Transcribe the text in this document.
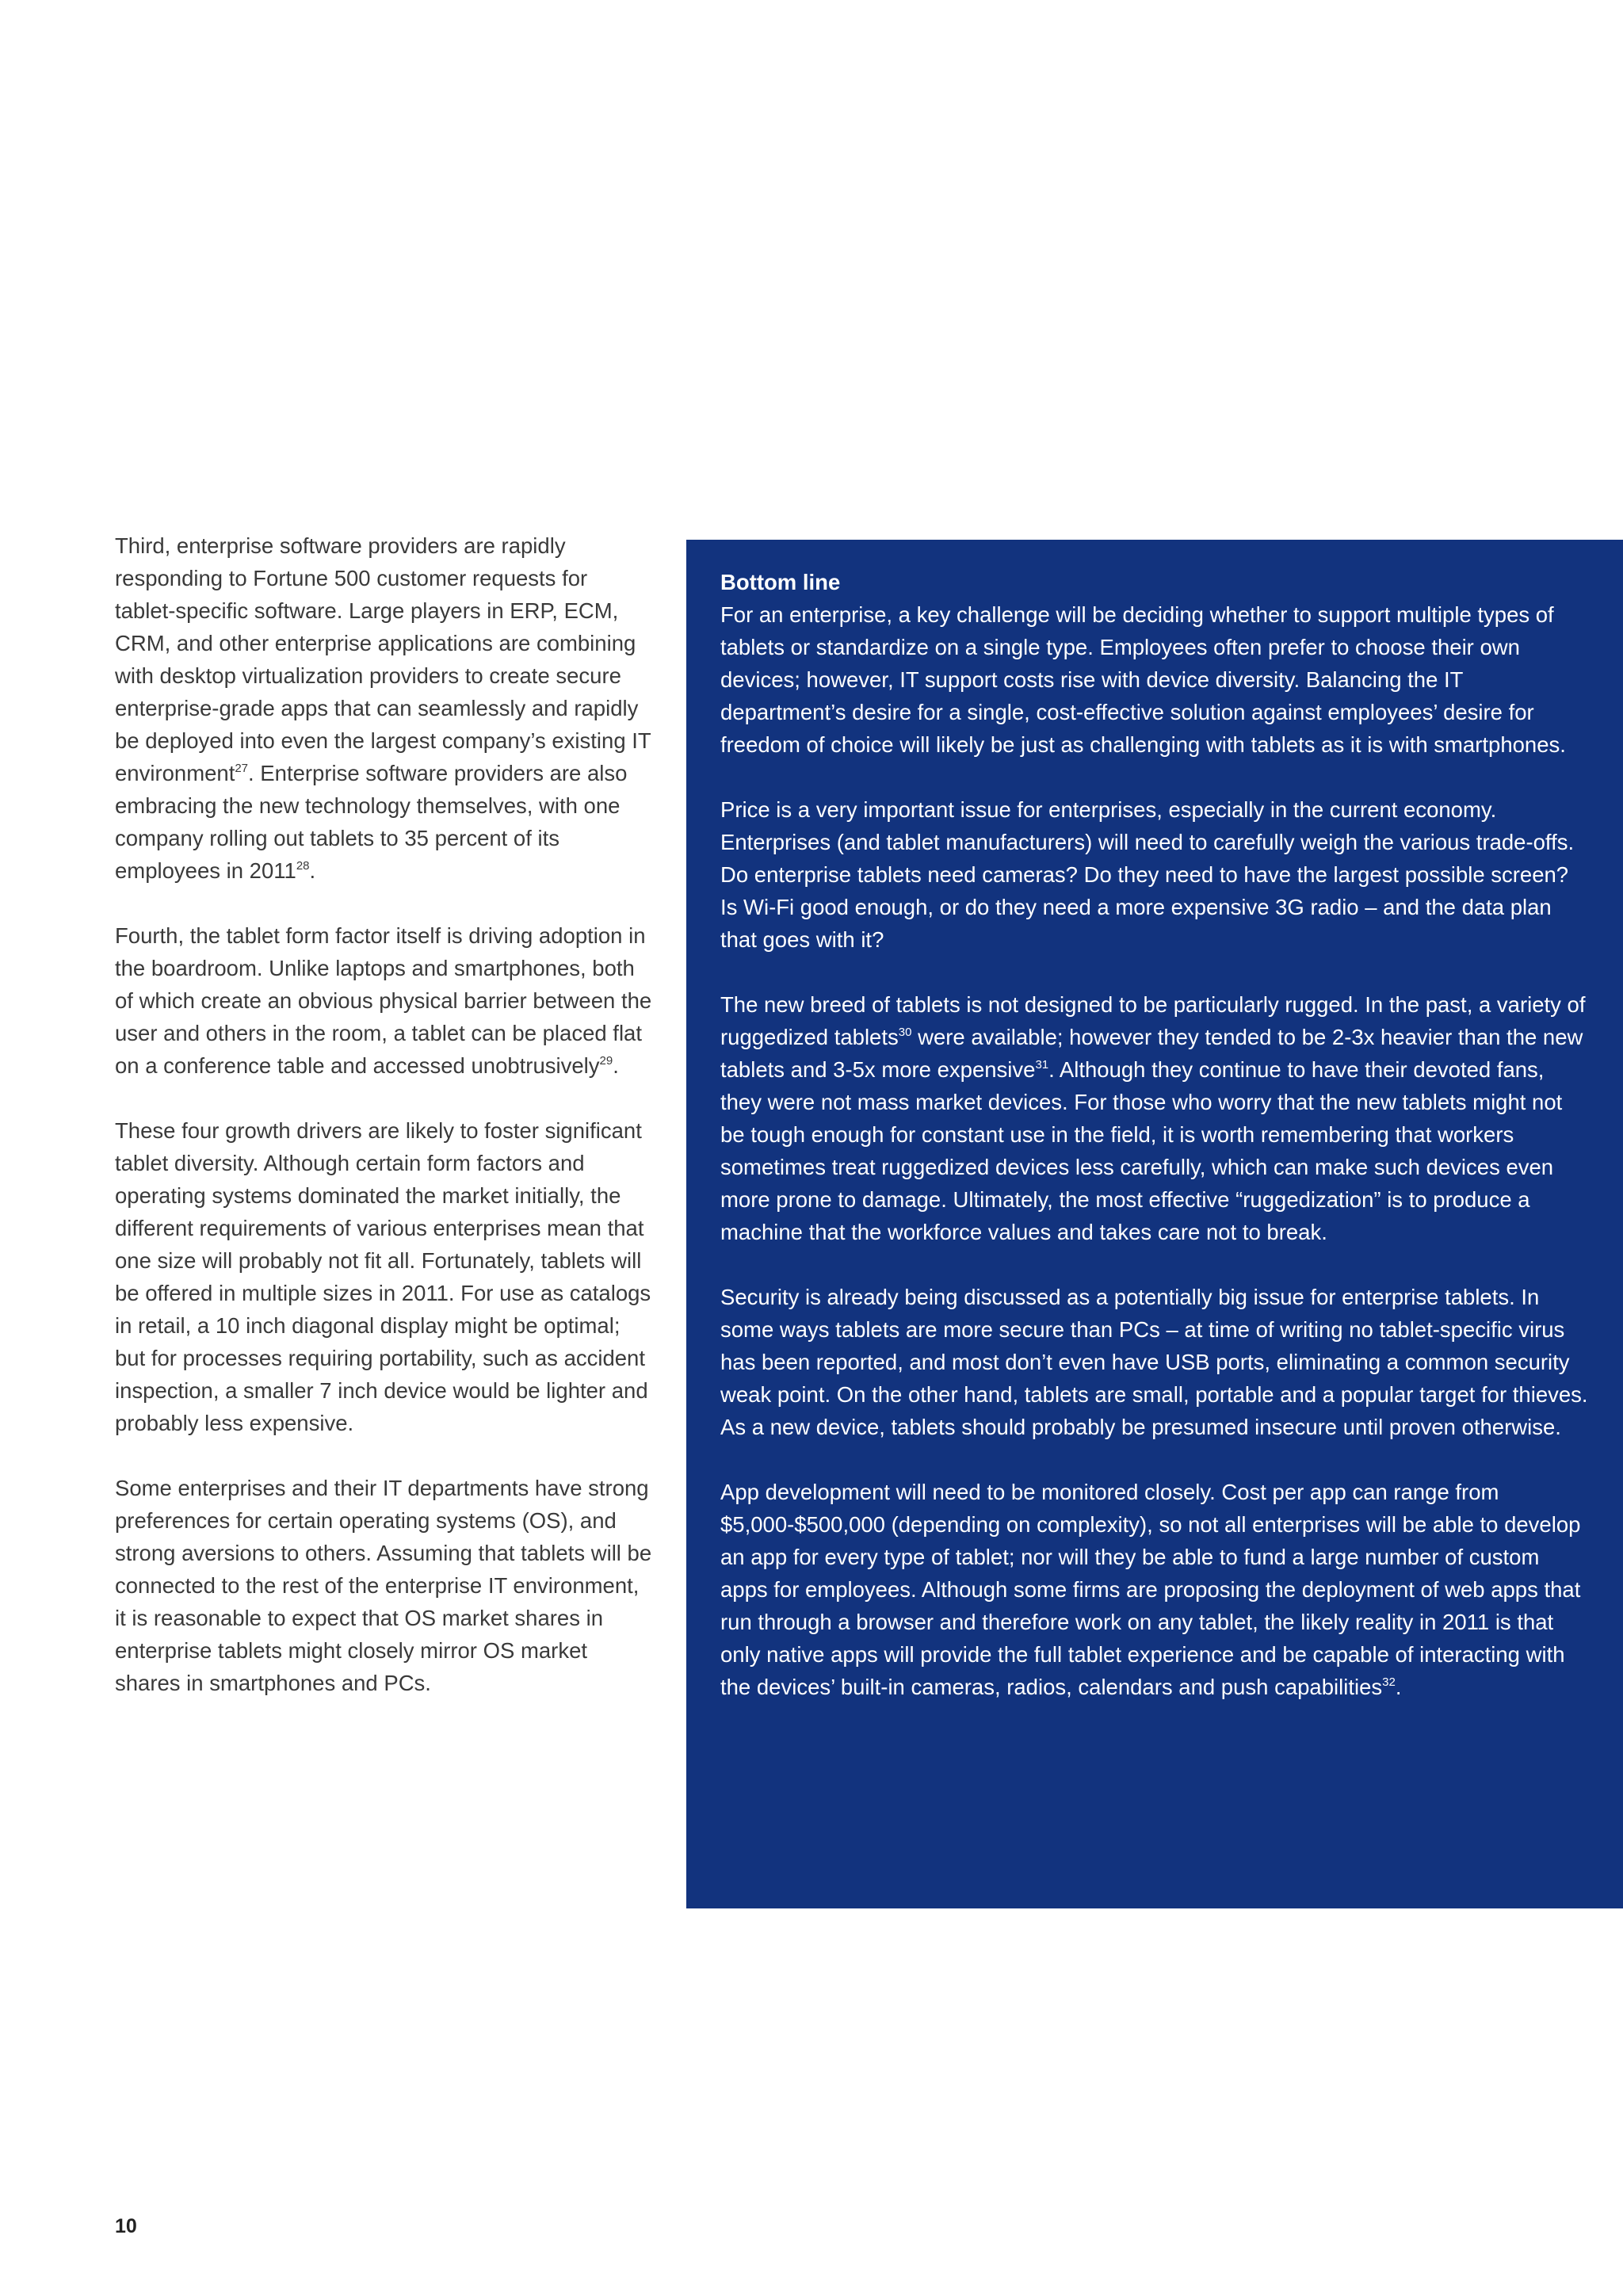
Third, enterprise software providers are rapidly responding to Fortune 500 customer requests for tablet-specific software. Large players in ERP, ECM, CRM, and other enterprise applications are combining with desktop virtualization providers to create secure enterprise-grade apps that can seamlessly and rapidly be deployed into even the largest company’s existing IT environment$^{27}$. Enterprise software providers are also embracing the new technology themselves, with one company rolling out tablets to 35 percent of its employees in 2011$^{28}$.

Fourth, the tablet form factor itself is driving adoption in the boardroom. Unlike laptops and smartphones, both of which create an obvious physical barrier between the user and others in the room, a tablet can be placed flat on a conference table and accessed unobtrusively$^{29}$.

These four growth drivers are likely to foster significant tablet diversity. Although certain form factors and operating systems dominated the market initially, the different requirements of various enterprises mean that one size will probably not fit all. Fortunately, tablets will be offered in multiple sizes in 2011. For use as catalogs in retail, a 10 inch diagonal display might be optimal; but for processes requiring portability, such as accident inspection, a smaller 7 inch device would be lighter and probably less expensive.

Some enterprises and their IT departments have strong preferences for certain operating systems (OS), and strong aversions to others. Assuming that tablets will be connected to the rest of the enterprise IT environment, it is reasonable to expect that OS market shares in enterprise tablets might closely mirror OS market shares in smartphones and PCs.

Bottom line

For an enterprise, a key challenge will be deciding whether to support multiple types of tablets or standardize on a single type. Employees often prefer to choose their own devices; however, IT support costs rise with device diversity. Balancing the IT department’s desire for a single, cost-effective solution against employees’ desire for freedom of choice will likely be just as challenging with tablets as it is with smartphones.

Price is a very important issue for enterprises, especially in the current economy. Enterprises (and tablet manufacturers) will need to carefully weigh the various trade-offs. Do enterprise tablets need cameras? Do they need to have the largest possible screen? Is Wi-Fi good enough, or do they need a more expensive 3G radio – and the data plan that goes with it?

The new breed of tablets is not designed to be particularly rugged. In the past, a variety of ruggedized tablets$^{30}$ were available; however they tended to be 2-3x heavier than the new tablets and 3-5x more expensive$^{31}$. Although they continue to have their devoted fans, they were not mass market devices. For those who worry that the new tablets might not be tough enough for constant use in the field, it is worth remembering that workers sometimes treat ruggedized devices less carefully, which can make such devices even more prone to damage. Ultimately, the most effective “ruggedization” is to produce a machine that the workforce values and takes care not to break.

Security is already being discussed as a potentially big issue for enterprise tablets. In some ways tablets are more secure than PCs – at time of writing no tablet-specific virus has been reported, and most don’t even have USB ports, eliminating a common security weak point. On the other hand, tablets are small, portable and a popular target for thieves. As a new device, tablets should probably be presumed insecure until proven otherwise.

App development will need to be monitored closely. Cost per app can range from $5,000-$500,000 (depending on complexity), so not all enterprises will be able to develop an app for every type of tablet; nor will they be able to fund a large number of custom apps for employees. Although some firms are proposing the deployment of web apps that run through a browser and therefore work on any tablet, the likely reality in 2011 is that only native apps will provide the full tablet experience and be capable of interacting with the devices’ built-in cameras, radios, calendars and push capabilities$^{32}$.

10
